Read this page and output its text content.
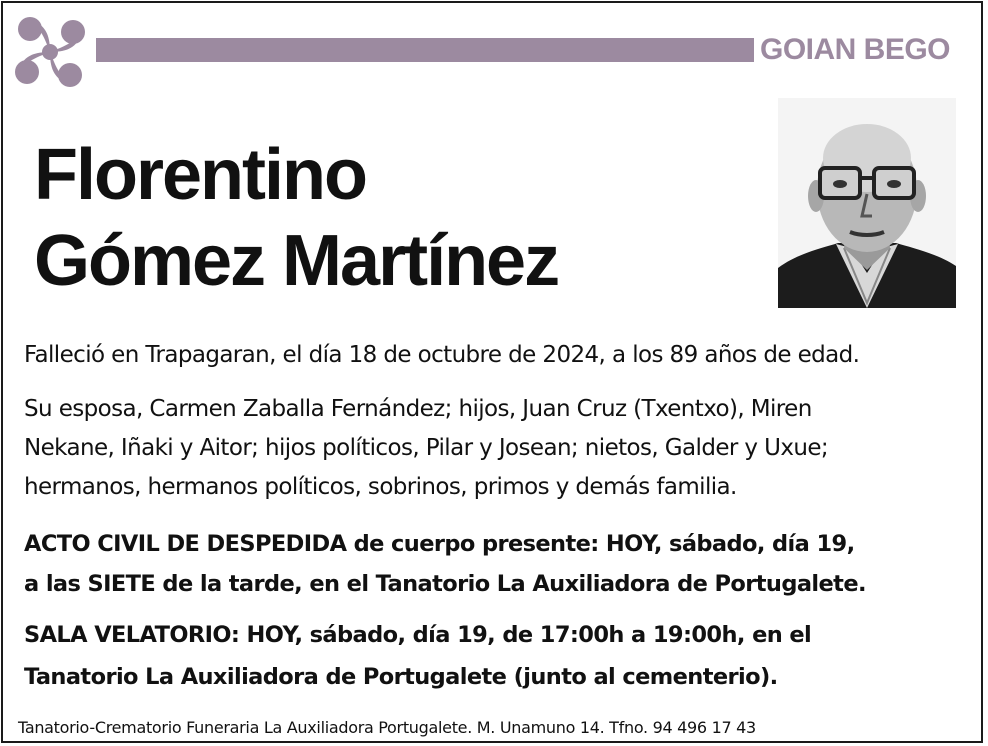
GOIAN BEGO
Florentino
Gómez Martínez
Falleció en Trapagaran, el día 18 de octubre de 2024, a los 89 años de edad.
Su esposa, Carmen Zaballa Fernández; hijos, Juan Cruz (Txentxo), Miren
Nekane, Iñaki y Aitor; hijos políticos, Pilar y Josean; nietos, Galder y Uxue;
hermanos, hermanos políticos, sobrinos, primos y demás familia.
ACTO CIVIL DE DESPEDIDA de cuerpo presente: HOY, sábado, día 19,
a las SIETE de la tarde, en el Tanatorio La Auxiliadora de Portugalete.
SALA VELATORIO: HOY, sábado, día 19, de 17:00h a 19:00h, en el
Tanatorio La Auxiliadora de Portugalete (junto al cementerio).
Tanatorio-Crematorio Funeraria La Auxiliadora Portugalete. M. Unamuno 14. Tfno. 94 496 17 43
